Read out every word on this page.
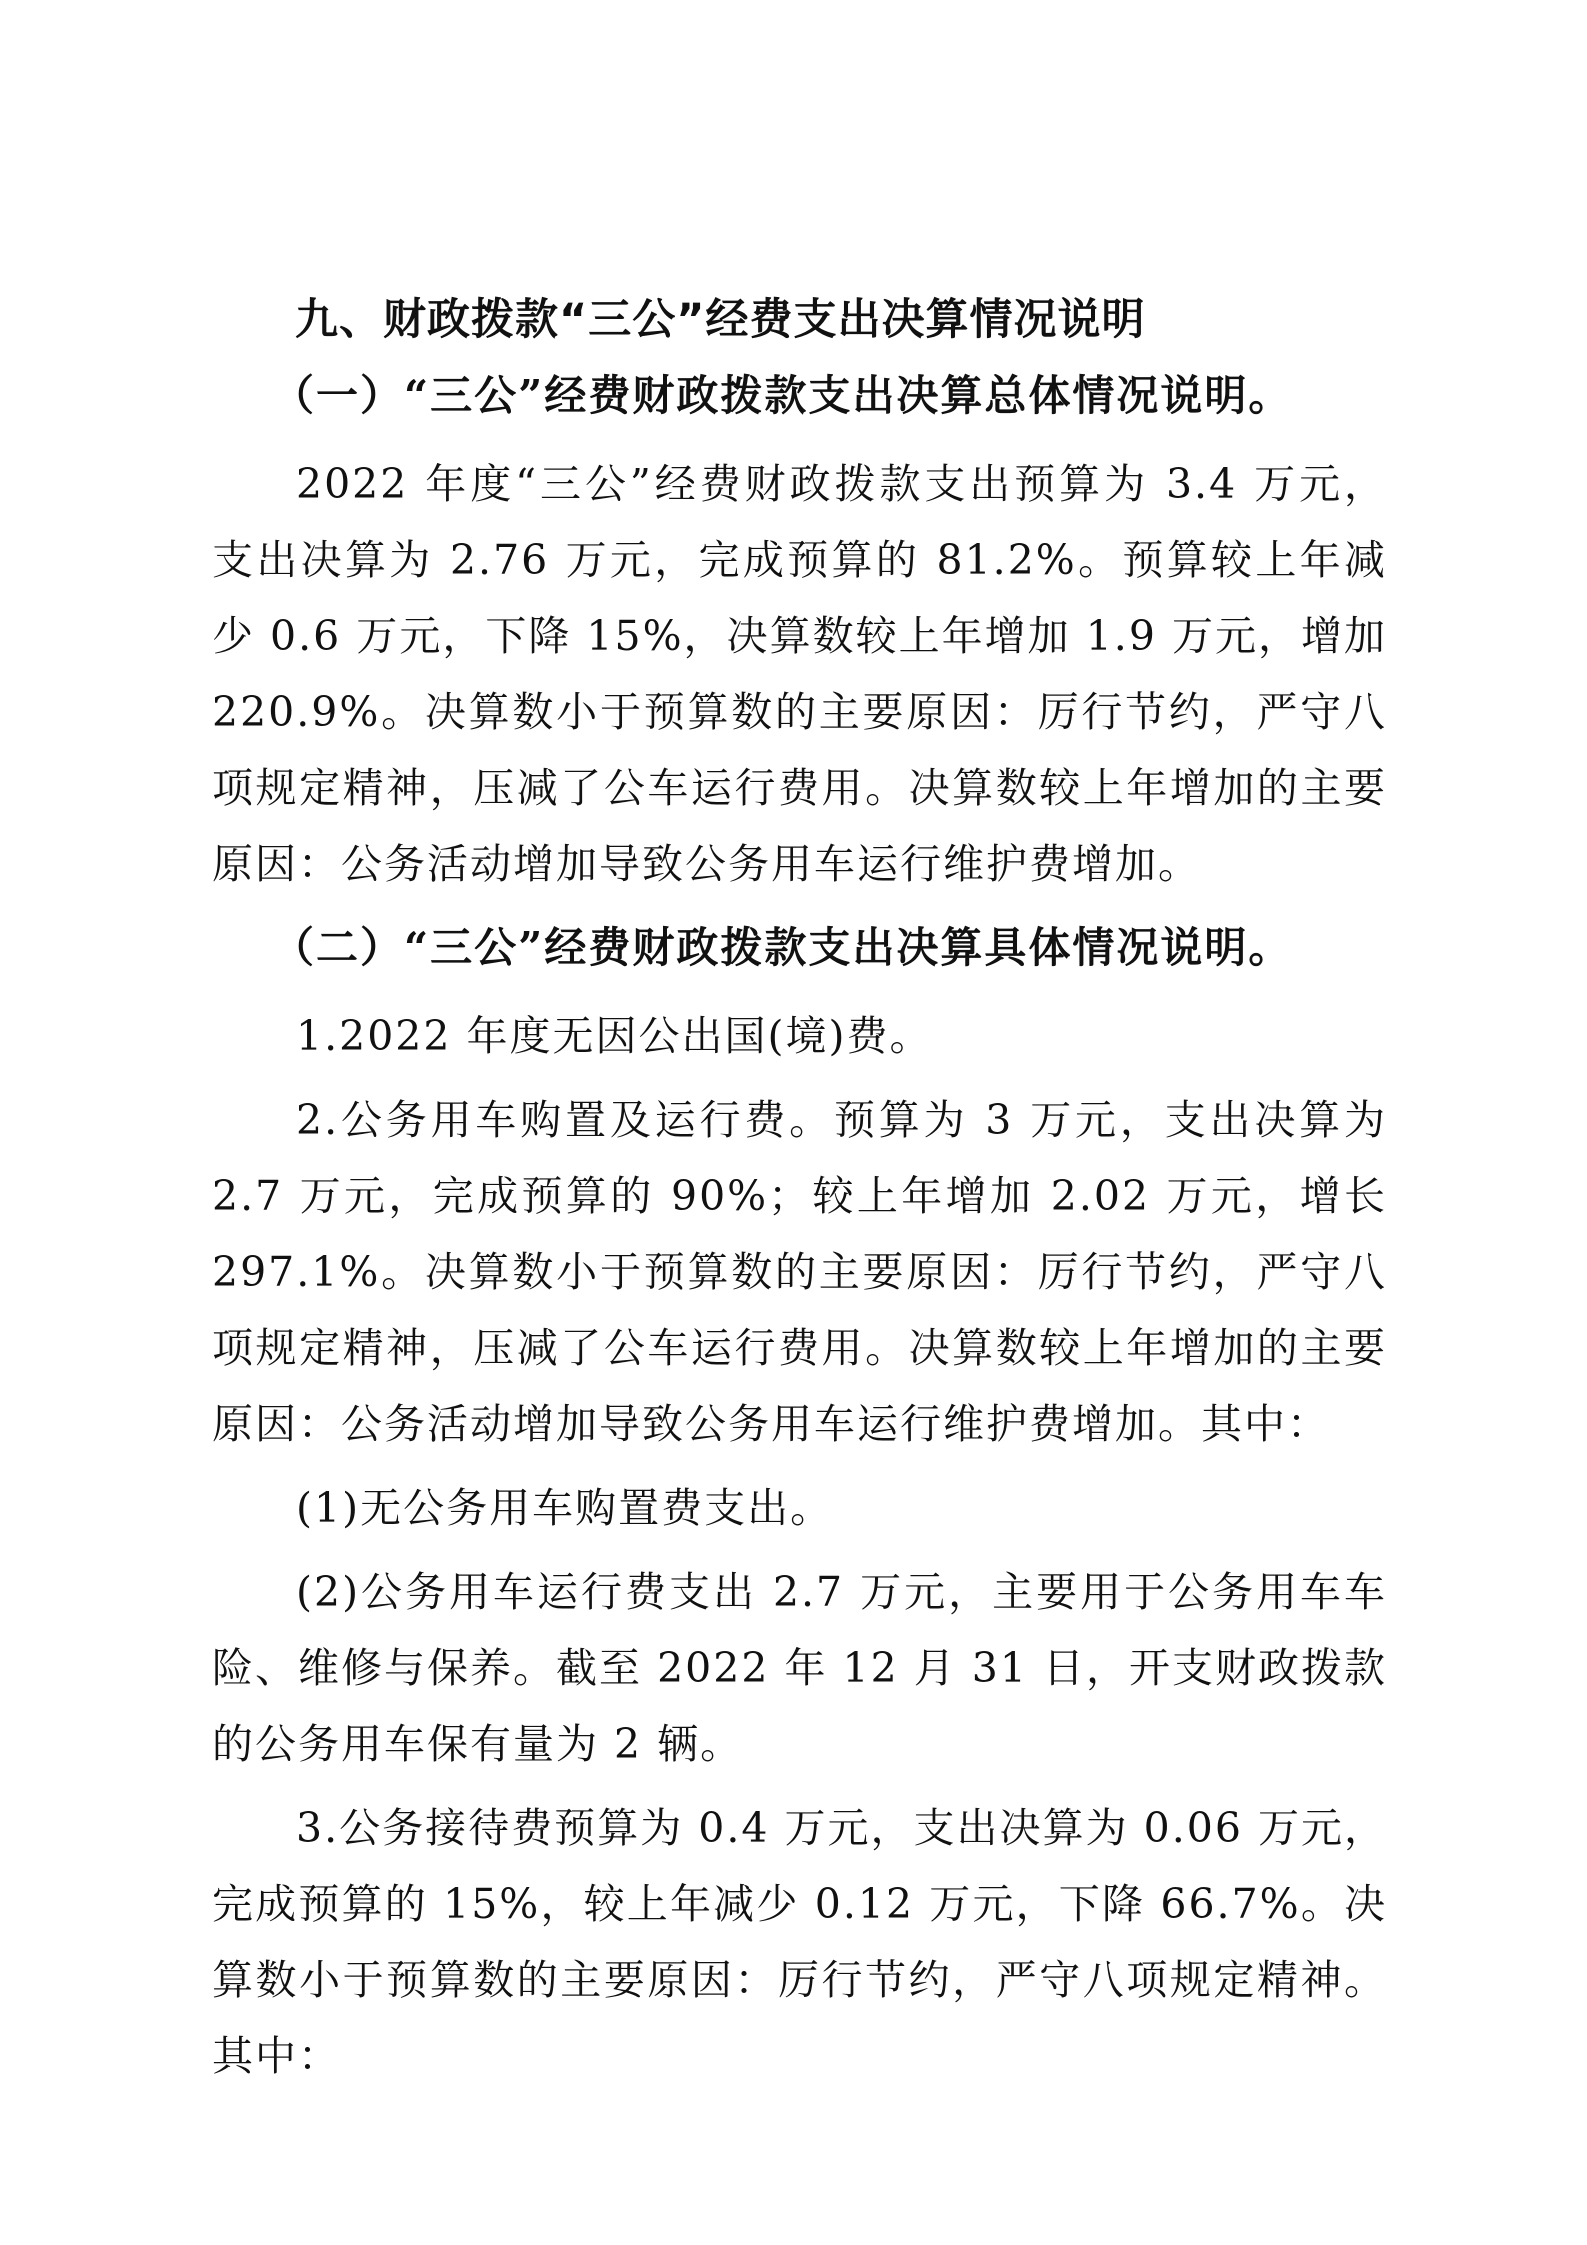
九、财政拨款“三公”经费支出决算情况说明
（一）“三公”经费财政拨款支出决算总体情况说明。

2022 年度“三公”经费财政拨款支出预算为 3.4 万元，支出决算为 2.76 万元，完成预算的 81.2%。预算较上年减少 0.6 万元，下降 15%，决算数较上年增加 1.9 万元，增加 220.9%。决算数小于预算数的主要原因：厉行节约，严守八项规定精神，压减了公车运行费用。决算数较上年增加的主要原因：公务活动增加导致公务用车运行维护费增加。

（二）“三公”经费财政拨款支出决算具体情况说明。

1.2022 年度无因公出国(境)费。

2.公务用车购置及运行费。预算为 3 万元，支出决算为 2.7 万元，完成预算的 90%；较上年增加 2.02 万元，增长 297.1%。决算数小于预算数的主要原因：厉行节约，严守八项规定精神，压减了公车运行费用。决算数较上年增加的主要原因：公务活动增加导致公务用车运行维护费增加。其中：

(1)无公务用车购置费支出。

(2)公务用车运行费支出 2.7 万元，主要用于公务用车车险、维修与保养。截至 2022 年 12 月 31 日，开支财政拨款的公务用车保有量为 2 辆。

3.公务接待费预算为 0.4 万元，支出决算为 0.06 万元，完成预算的 15%，较上年减少 0.12 万元，下降 66.7%。决算数小于预算数的主要原因：厉行节约，严守八项规定精神。其中：
